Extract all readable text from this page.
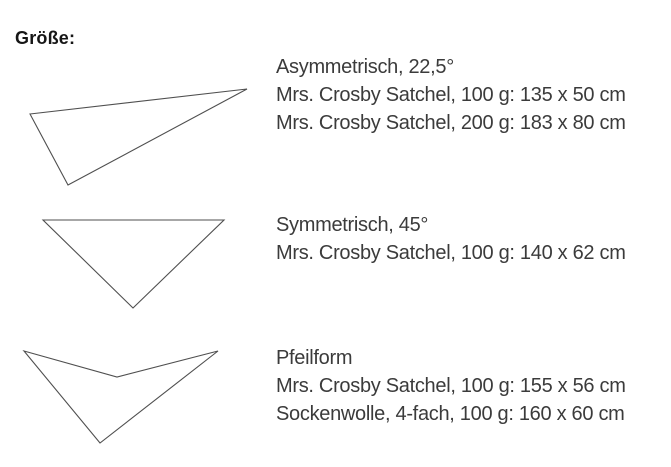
Größe:
Asymmetrisch, 22,5°
Mrs. Crosby Satchel, 100 g: 135 x 50 cm
Mrs. Crosby Satchel, 200 g: 183 x 80 cm
Symmetrisch, 45°
Mrs. Crosby Satchel, 100 g: 140 x 62 cm
Pfeilform
Mrs. Crosby Satchel, 100 g: 155 x 56 cm
Sockenwolle, 4-fach, 100 g: 160 x 60 cm
